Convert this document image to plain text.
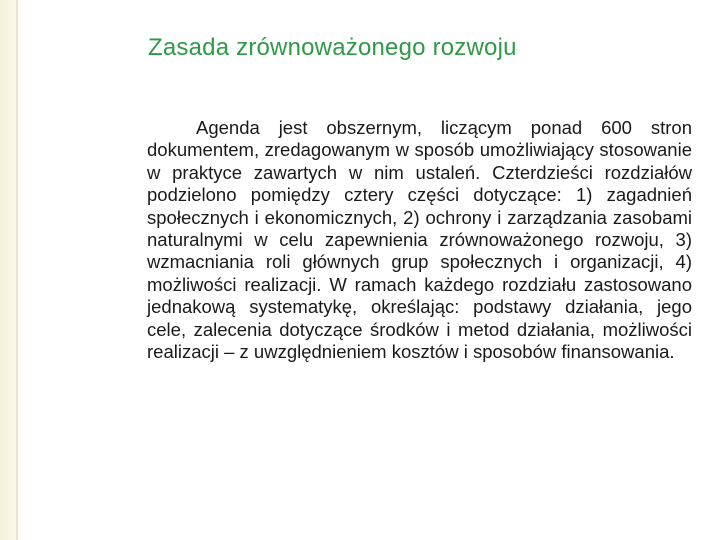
Zasada zrównoważonego rozwoju

Agenda jest obszernym, liczącym ponad 600 stron dokumentem, zredagowanym w sposób umożliwiający stosowanie w praktyce zawartych w nim ustaleń. Czterdzieści rozdziałów podzielono pomiędzy cztery części dotyczące: 1) zagadnień społecznych i ekonomicznych, 2) ochrony i zarządzania zasobami naturalnymi w celu zapewnienia zrównoważonego rozwoju, 3) wzmacniania roli głównych grup społecznych i organizacji, 4) możliwości realizacji. W ramach każdego rozdziału zastosowano jednakową systematykę, określając: podstawy działania, jego cele, zalecenia dotyczące środków i metod działania, możliwości realizacji – z uwzględnieniem kosztów i sposobów finansowania.
